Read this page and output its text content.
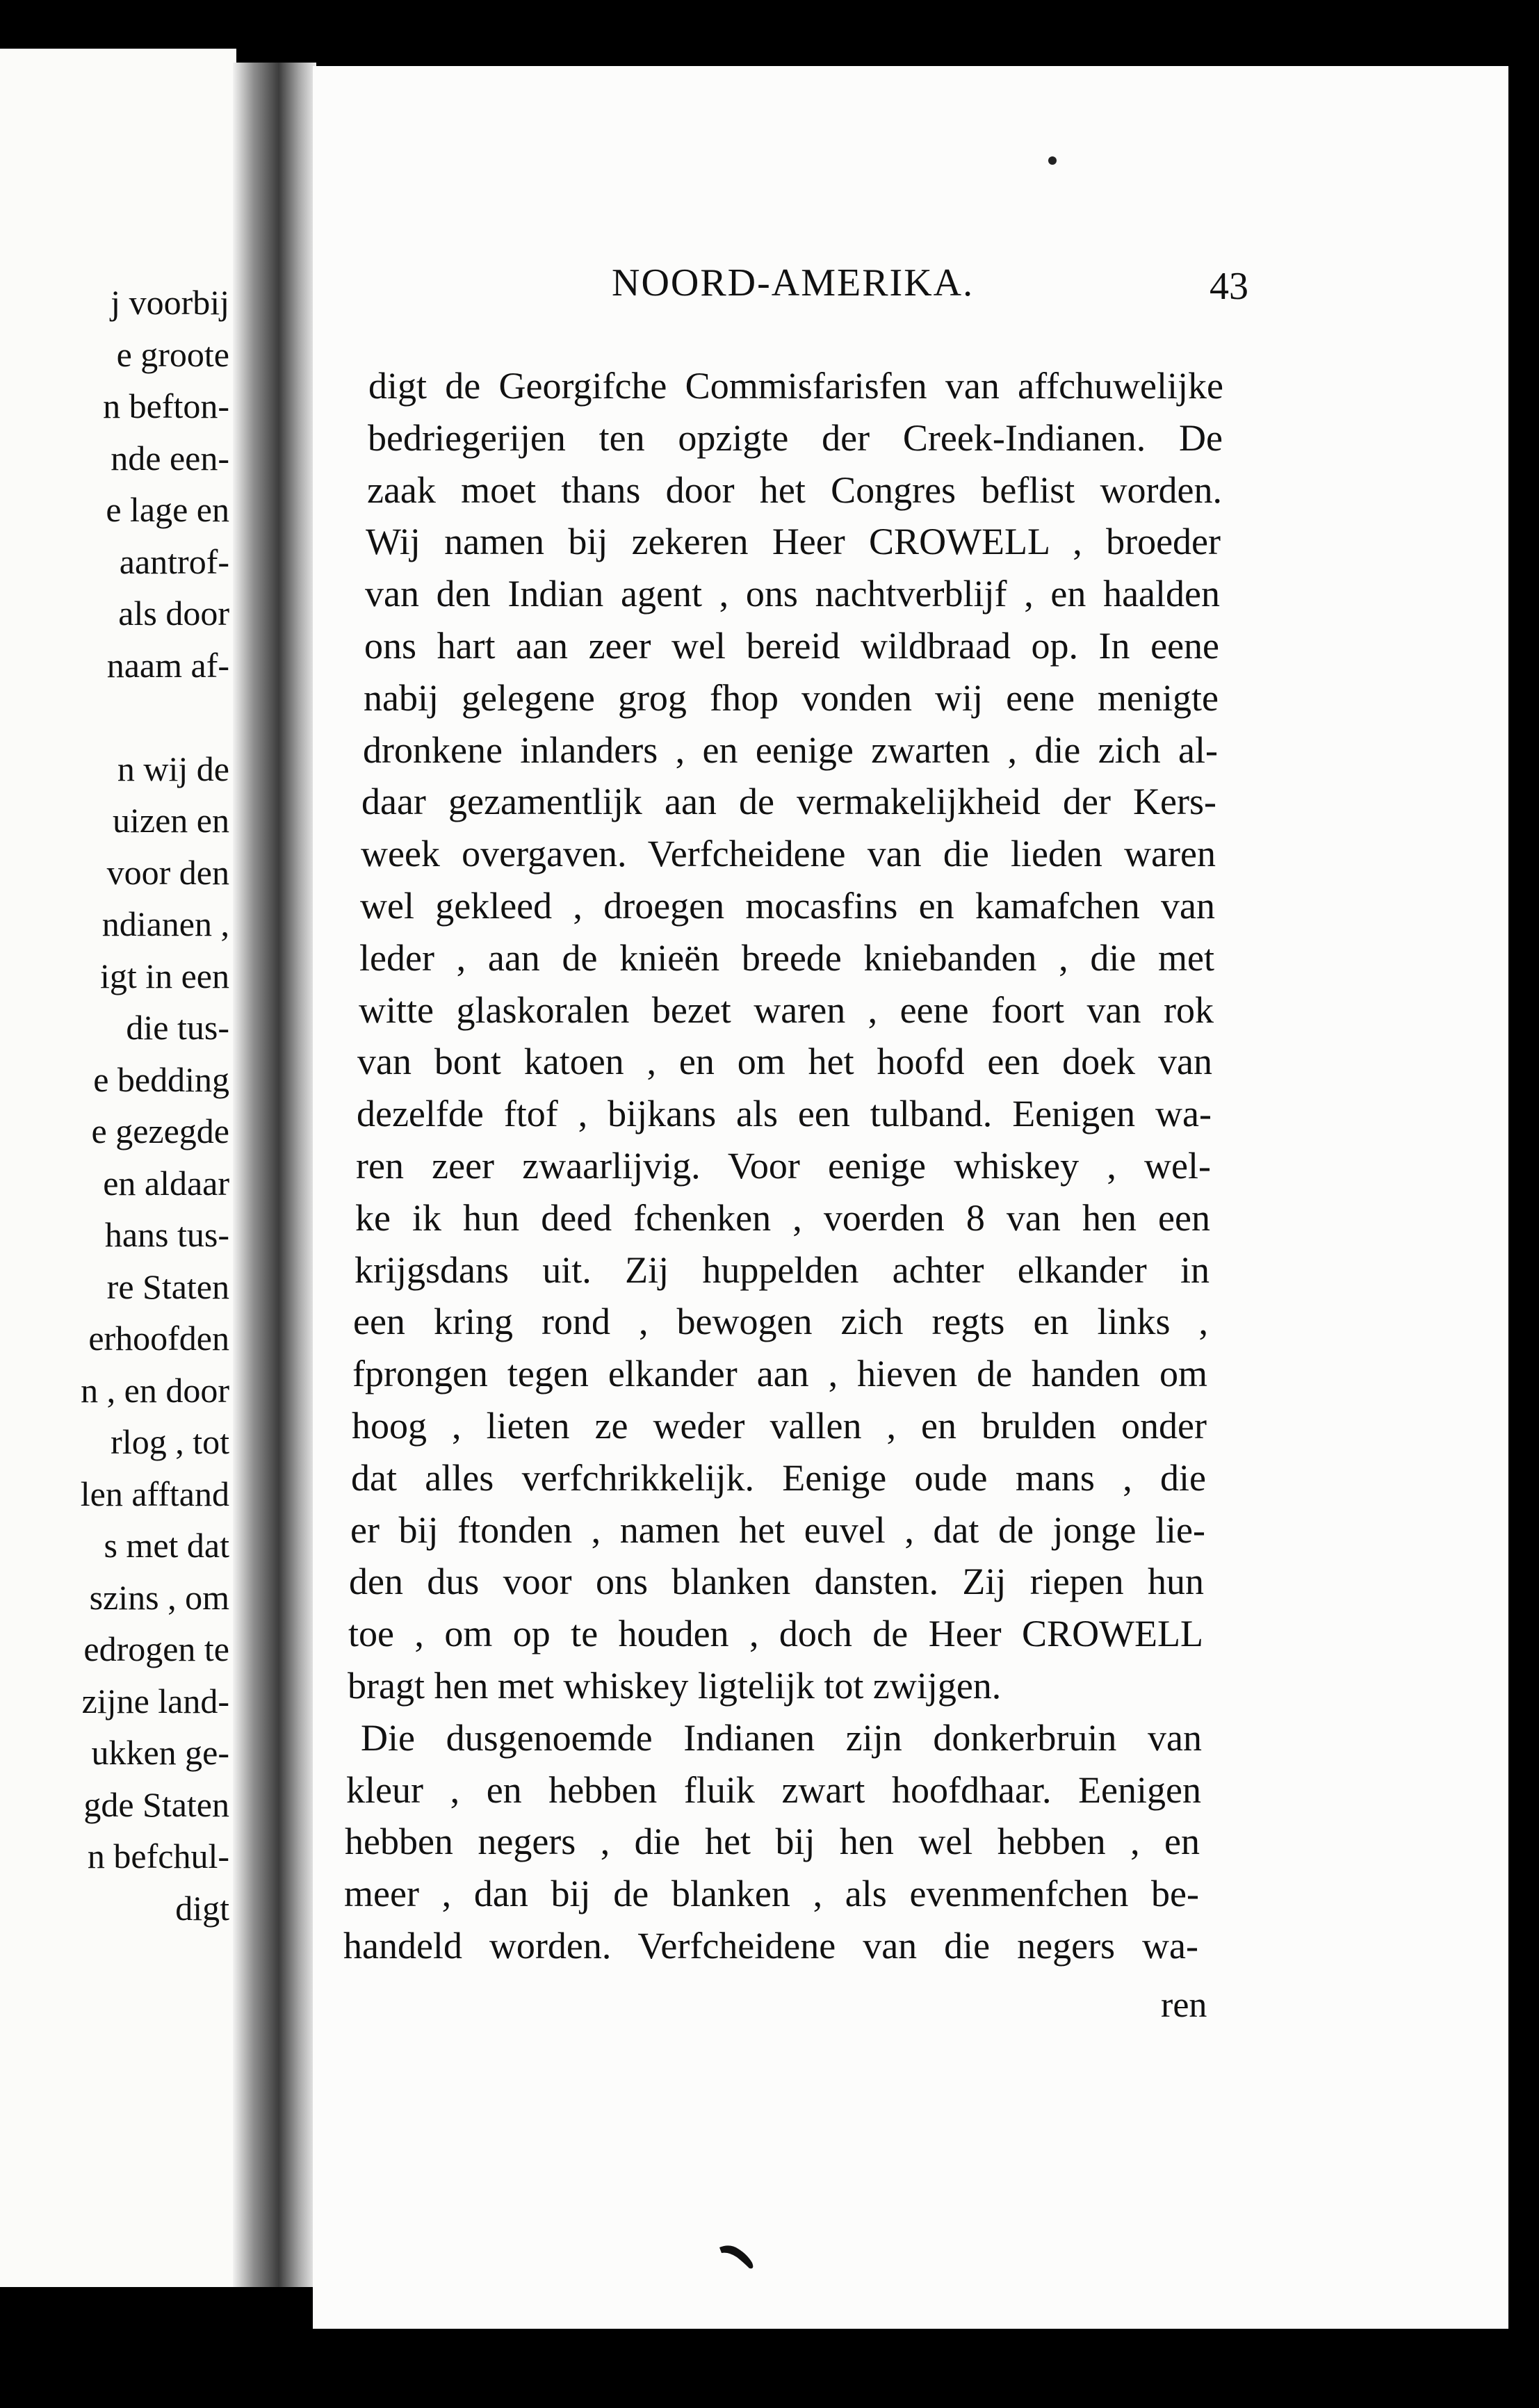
j voorbij
e groote
n befton-
nde een-
e lage en
aantrof-
als door
naam af-
n wij de
uizen en
voor den
ndianen ,
igt in een
die tus-
e bedding
e gezegde
en aldaar
hans tus-
re Staten
erhoofden
n , en door
rlog , tot
len afftand
s met dat
szins , om
edrogen te
zijne land-
ukken ge-
gde Staten
n befchul-
digt
NOORD-AMERIKA.	43
digt de Georgifche Commisfarisfen van affchuwelijke
bedriegerijen ten opzigte der Creek-Indianen. De
zaak moet thans door het Congres beflist worden.
Wij namen bij zekeren Heer CROWELL , broeder
van den Indian agent , ons nachtverblijf , en haalden
ons hart aan zeer wel bereid wildbraad op. In eene
nabij gelegene grog fhop vonden wij eene menigte
dronkene inlanders , en eenige zwarten , die zich al-
daar gezamentlijk aan de vermakelijkheid der Kers-
week overgaven. Verfcheidene van die lieden waren
wel gekleed , droegen mocasfins en kamafchen van
leder , aan de knieën breede kniebanden , die met
witte glaskoralen bezet waren , eene foort van rok
van bont katoen , en om het hoofd een doek van
dezelfde ftof , bijkans als een tulband. Eenigen wa-
ren zeer zwaarlijvig. Voor eenige whiskey , wel-
ke ik hun deed fchenken , voerden 8 van hen een
krijgsdans uit. Zij huppelden achter elkander in
een kring rond , bewogen zich regts en links ,
fprongen tegen elkander aan , hieven de handen om
hoog , lieten ze weder vallen , en brulden onder
dat alles verfchrikkelijk. Eenige oude mans , die
er bij ftonden , namen het euvel , dat de jonge lie-
den dus voor ons blanken dansten. Zij riepen hun
toe , om op te houden , doch de Heer CROWELL
bragt hen met whiskey ligtelijk tot zwijgen.
Die dusgenoemde Indianen zijn donkerbruin van
kleur , en hebben fluik zwart hoofdhaar. Eenigen
hebben negers , die het bij hen wel hebben , en
meer , dan bij de blanken , als evenmenfchen be-
handeld worden. Verfcheidene van die negers wa-
ren
